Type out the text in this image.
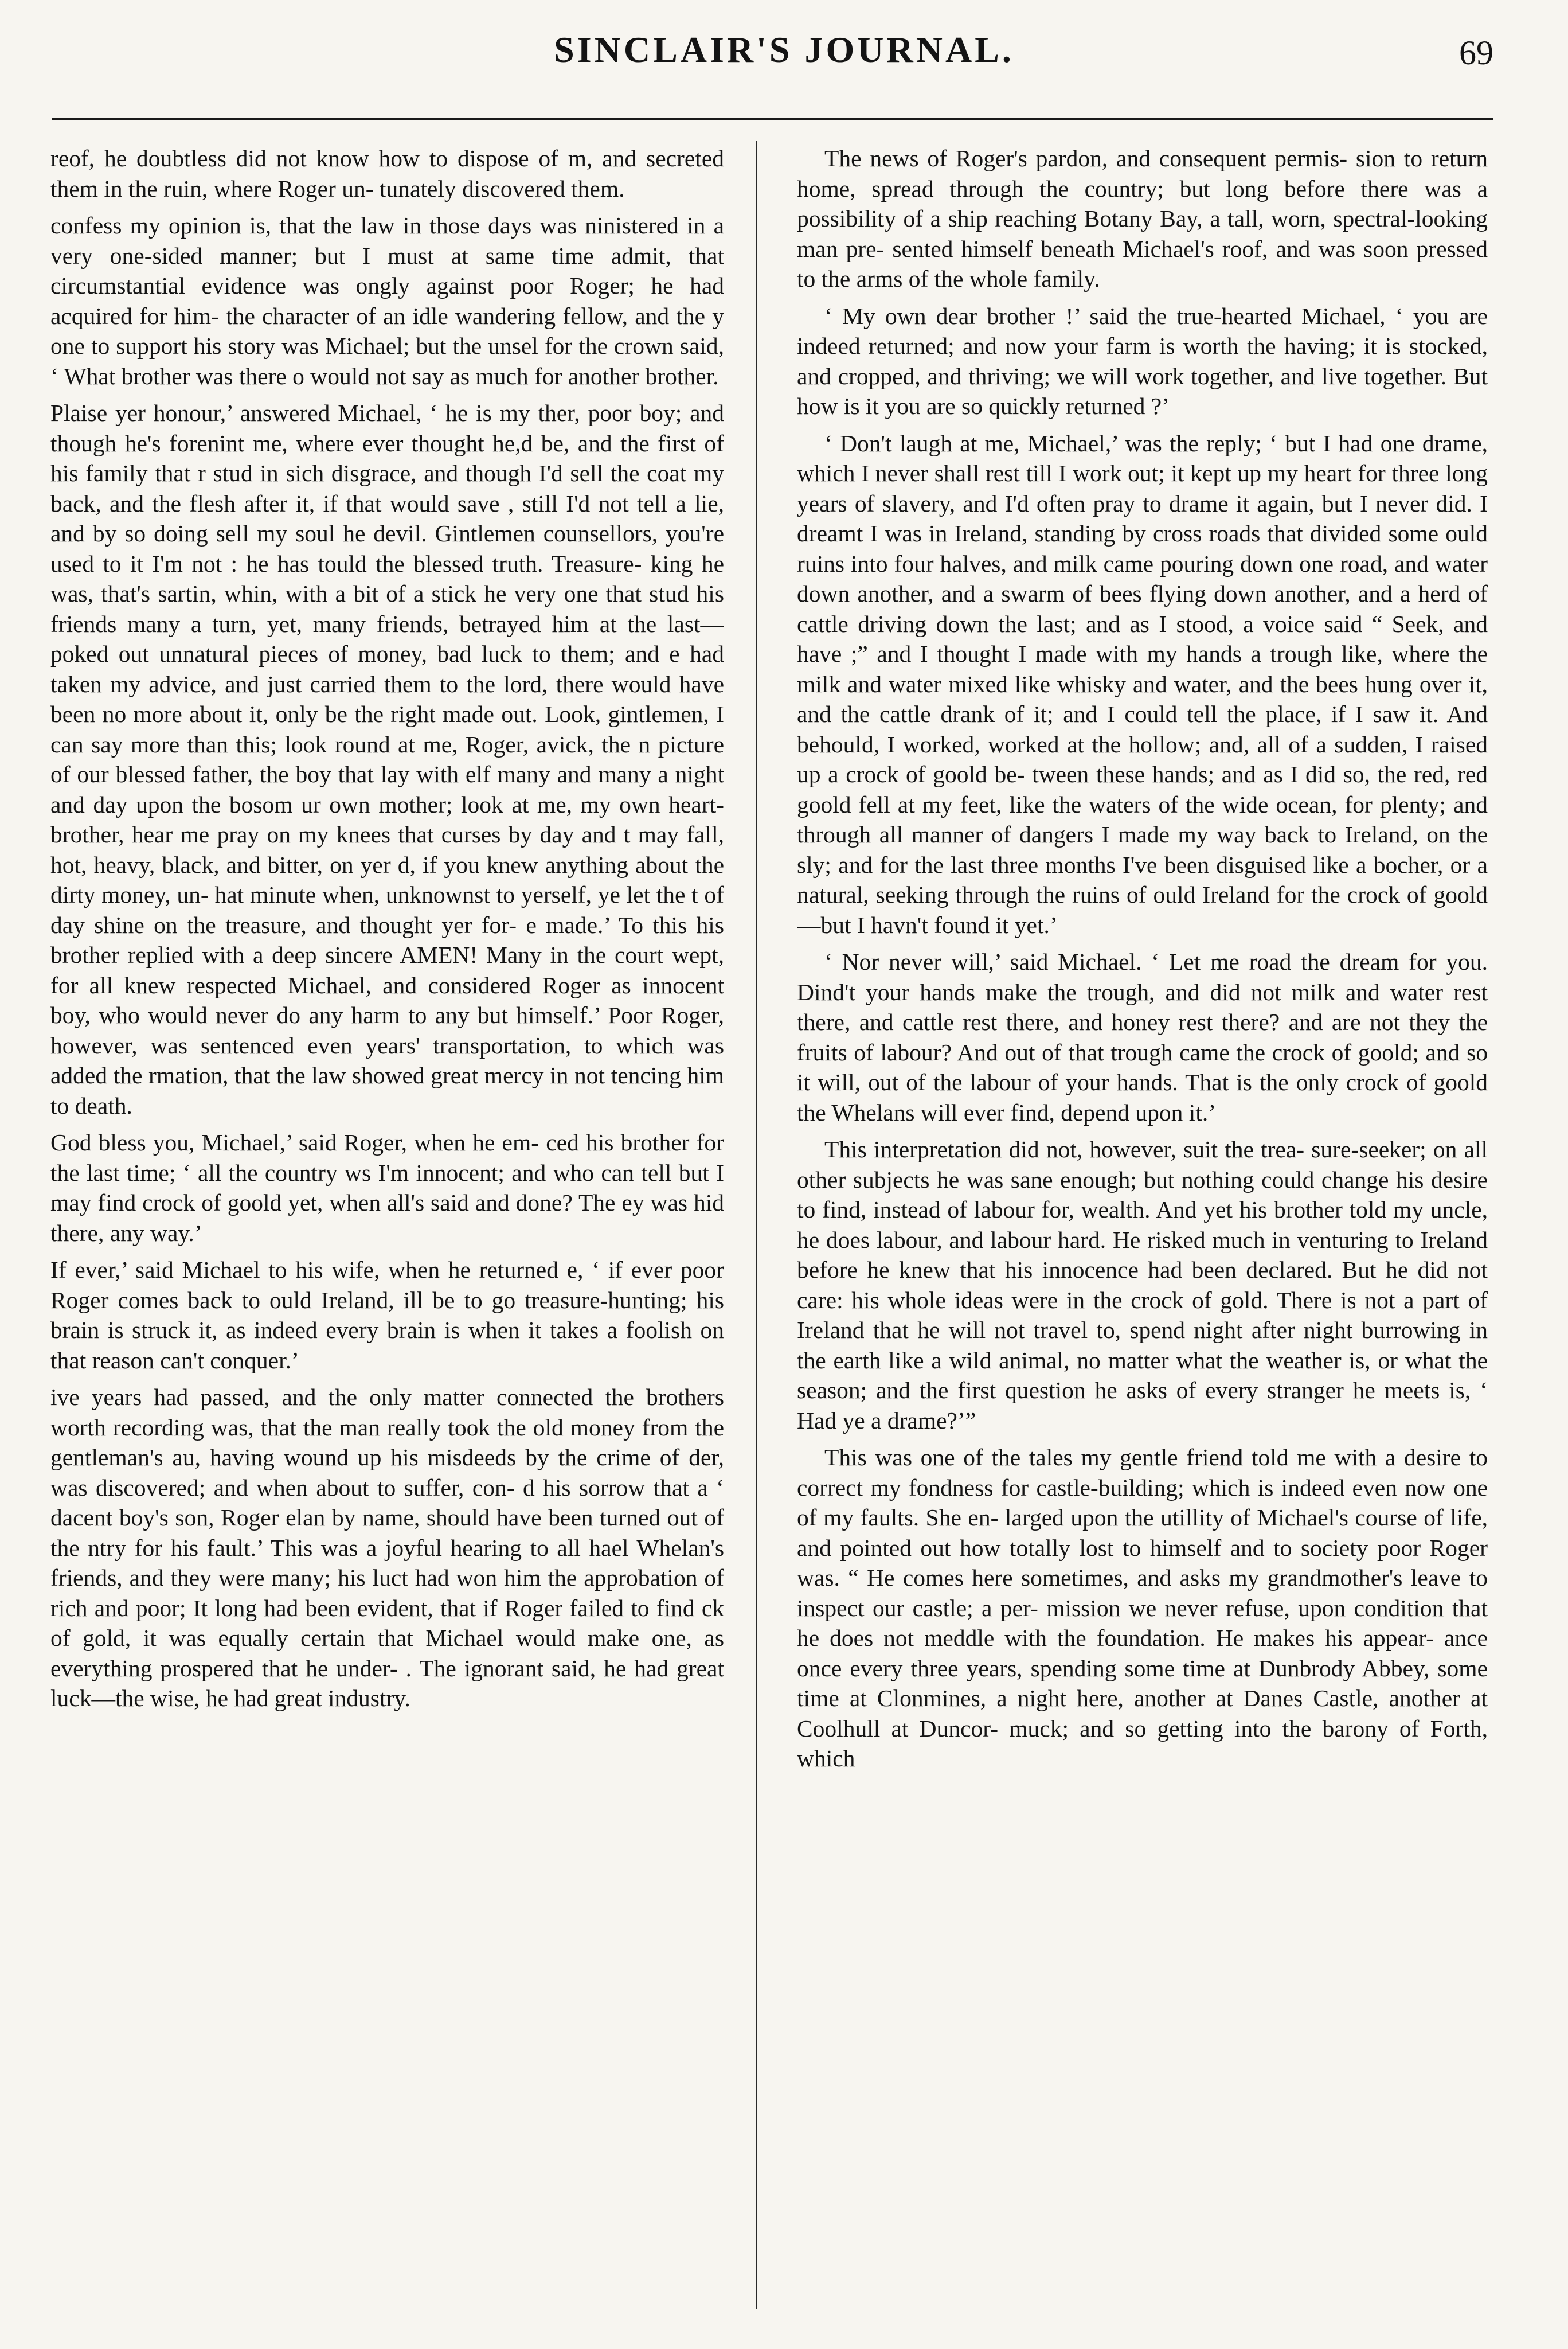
SINCLAIR'S JOURNAL.	69

reof, he doubtless did not know how to dispose of m, and secreted them in the ruin, where Roger un- tunately discovered them.

confess my opinion is, that the law in those days was ninistered in a very one-sided manner; but I must at same time admit, that circumstantial evidence was ongly against poor Roger; he had acquired for him- the character of an idle wandering fellow, and the y one to support his story was Michael; but the unsel for the crown said, ‘ What brother was there o would not say as much for another brother.

Plaise yer honour,’ answered Michael, ‘ he is my ther, poor boy; and though he's forenint me, where ever thought he,d be, and the first of his family that r stud in sich disgrace, and though I'd sell the coat my back, and the flesh after it, if that would save , still I'd not tell a lie, and by so doing sell my soul he devil. Gintlemen counsellors, you're used to it I'm not : he has tould the blessed truth. Treasure- king he was, that's sartin, whin, with a bit of a stick he very one that stud his friends many a turn, yet, many friends, betrayed him at the last—poked out unnatural pieces of money, bad luck to them; and e had taken my advice, and just carried them to the lord, there would have been no more about it, only be the right made out. Look, gintlemen, I can say more than this; look round at me, Roger, avick, the n picture of our blessed father, the boy that lay with elf many and many a night and day upon the bosom ur own mother; look at me, my own heart-brother, hear me pray on my knees that curses by day and t may fall, hot, heavy, black, and bitter, on yer d, if you knew anything about the dirty money, un- hat minute when, unknownst to yerself, ye let the t of day shine on the treasure, and thought yer for- e made.’ To this his brother replied with a deep sincere AMEN! Many in the court wept, for all knew respected Michael, and considered Roger as innocent boy, who would never do any harm to any but himself.’ Poor Roger, however, was sentenced even years' transportation, to which was added the rmation, that the law showed great mercy in not tencing him to death.

God bless you, Michael,’ said Roger, when he em- ced his brother for the last time; ‘ all the country ws I'm innocent; and who can tell but I may find crock of goold yet, when all's said and done? The ey was hid there, any way.’

If ever,’ said Michael to his wife, when he returned e, ‘ if ever poor Roger comes back to ould Ireland, ill be to go treasure-hunting; his brain is struck it, as indeed every brain is when it takes a foolish on that reason can't conquer.’

ive years had passed, and the only matter connected the brothers worth recording was, that the man really took the old money from the gentleman's au, having wound up his misdeeds by the crime of der, was discovered; and when about to suffer, con- d his sorrow that a ‘ dacent boy's son, Roger elan by name, should have been turned out of the ntry for his fault.’ This was a joyful hearing to all hael Whelan's friends, and they were many; his luct had won him the approbation of rich and poor; It long had been evident, that if Roger failed to find ck of gold, it was equally certain that Michael would make one, as everything prospered that he under- . The ignorant said, he had great luck—the wise, he had great industry.

The news of Roger's pardon, and consequent permis- sion to return home, spread through the country; but long before there was a possibility of a ship reaching Botany Bay, a tall, worn, spectral-looking man pre- sented himself beneath Michael's roof, and was soon pressed to the arms of the whole family.

‘ My own dear brother !’ said the true-hearted Michael, ‘ you are indeed returned; and now your farm is worth the having; it is stocked, and cropped, and thriving; we will work together, and live together. But how is it you are so quickly returned ?’

‘ Don't laugh at me, Michael,’ was the reply; ‘ but I had one drame, which I never shall rest till I work out; it kept up my heart for three long years of slavery, and I'd often pray to drame it again, but I never did. I dreamt I was in Ireland, standing by cross roads that divided some ould ruins into four halves, and milk came pouring down one road, and water down another, and a swarm of bees flying down another, and a herd of cattle driving down the last; and as I stood, a voice said “ Seek, and have ;” and I thought I made with my hands a trough like, where the milk and water mixed like whisky and water, and the bees hung over it, and the cattle drank of it; and I could tell the place, if I saw it. And behould, I worked, worked at the hollow; and, all of a sudden, I raised up a crock of goold be- tween these hands; and as I did so, the red, red goold fell at my feet, like the waters of the wide ocean, for plenty; and through all manner of dangers I made my way back to Ireland, on the sly; and for the last three months I've been disguised like a bocher, or a natural, seeking through the ruins of ould Ireland for the crock of goold—but I havn't found it yet.’

‘ Nor never will,’ said Michael. ‘ Let me road the dream for you. Dind't your hands make the trough, and did not milk and water rest there, and cattle rest there, and honey rest there? and are not they the fruits of labour? And out of that trough came the crock of goold; and so it will, out of the labour of your hands. That is the only crock of goold the Whelans will ever find, depend upon it.’

This interpretation did not, however, suit the trea- sure-seeker; on all other subjects he was sane enough; but nothing could change his desire to find, instead of labour for, wealth. And yet his brother told my uncle, he does labour, and labour hard. He risked much in venturing to Ireland before he knew that his innocence had been declared. But he did not care: his whole ideas were in the crock of gold. There is not a part of Ireland that he will not travel to, spend night after night burrowing in the earth like a wild animal, no matter what the weather is, or what the season; and the first question he asks of every stranger he meets is, ‘ Had ye a drame?’”

This was one of the tales my gentle friend told me with a desire to correct my fondness for castle-building; which is indeed even now one of my faults. She en- larged upon the utillity of Michael's course of life, and pointed out how totally lost to himself and to society poor Roger was. “ He comes here sometimes, and asks my grandmother's leave to inspect our castle; a per- mission we never refuse, upon condition that he does not meddle with the foundation. He makes his appear- ance once every three years, spending some time at Dunbrody Abbey, some time at Clonmines, a night here, another at Danes Castle, another at Coolhull at Duncor- muck; and so getting into the barony of Forth, which
